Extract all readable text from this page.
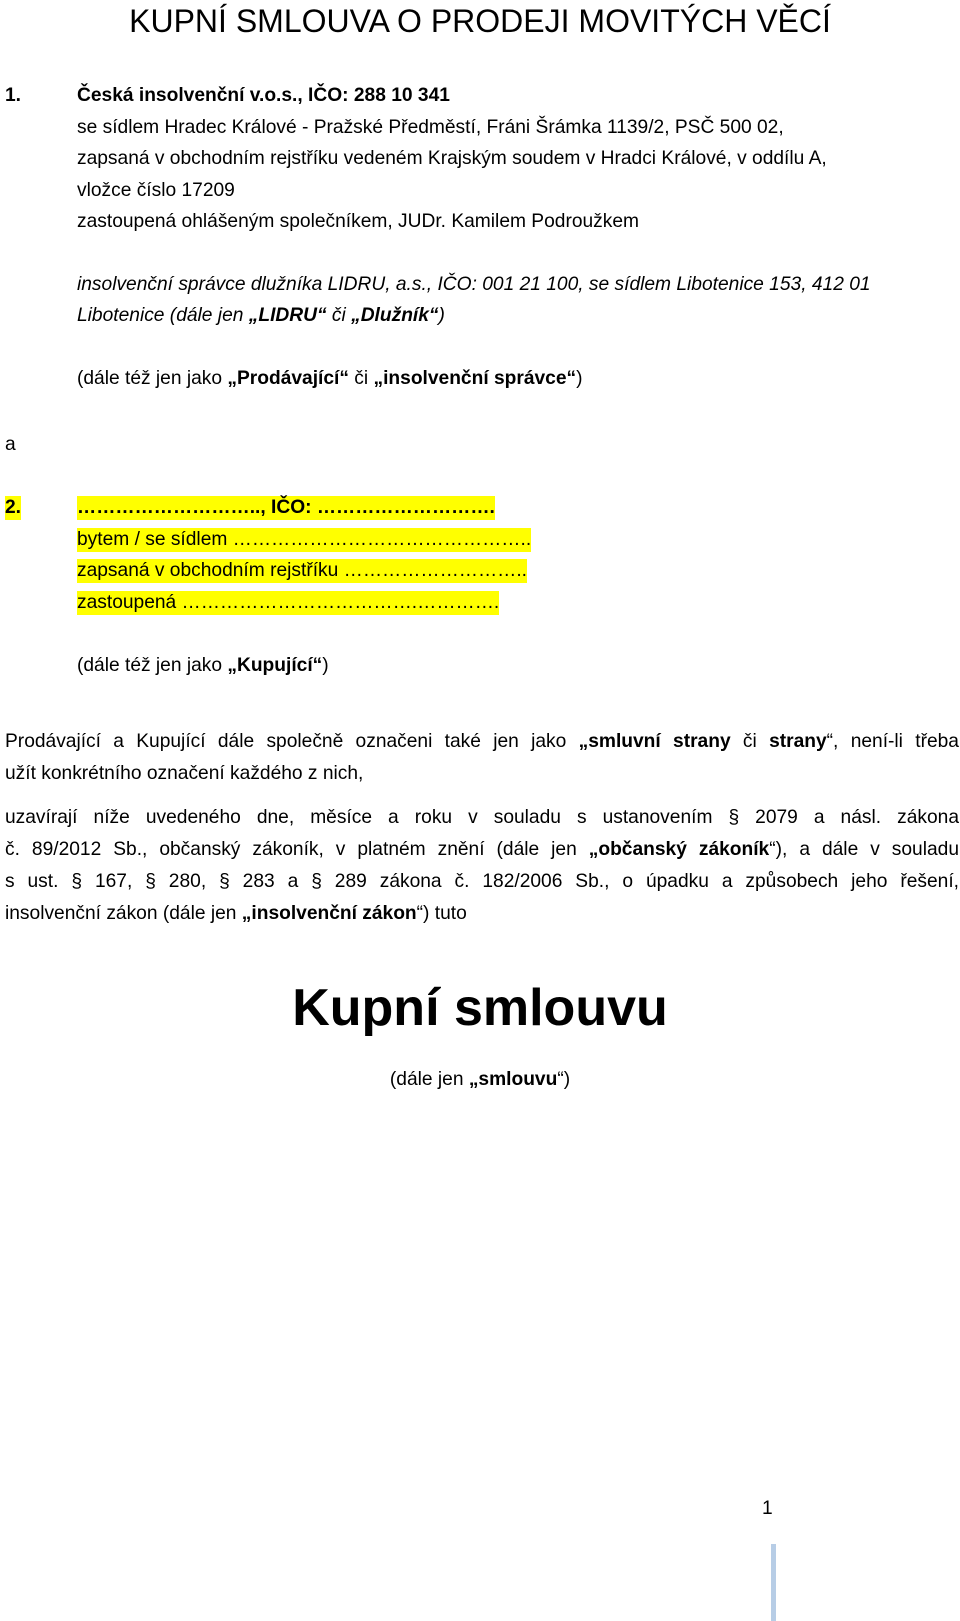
KUPNÍ SMLOUVA O PRODEJI MOVITÝCH VĚCÍ
1.	Česká insolvenční v.o.s., IČO: 288 10 341
se sídlem Hradec Králové - Pražské Předměstí, Fráni Šrámka 1139/2, PSČ 500 02,
zapsaná v obchodním rejstříku vedeném Krajským soudem v Hradci Králové, v oddílu A,
vložce číslo 17209
zastoupená ohlášeným společníkem, JUDr. Kamilem Podroužkem
insolvenční správce dlužníka LIDRU, a.s., IČO: 001 21 100, se sídlem Libotenice 153, 412 01
Libotenice (dále jen „LIDRU“ či „Dlužník“)
(dále též jen jako „Prodávající“ či „insolvenční správce“)
a
2.	……………………….., IČO: ……………………….
bytem / se sídlem ………………………………………..
zapsaná v obchodním rejstříku ………………………..
zastoupená ……………………………….………….
(dále též jen jako „Kupující“)
Prodávající a Kupující dále společně označeni také jen jako „smluvní strany či strany“, není-li třeba
užít konkrétního označení každého z nich,
uzavírají níže uvedeného dne, měsíce a roku v souladu s ustanovením § 2079 a násl. zákona
č. 89/2012 Sb., občanský zákoník, v platném znění (dále jen „občanský zákoník“), a dále v souladu
s ust. § 167, § 280, § 283 a § 289 zákona č. 182/2006 Sb., o úpadku a způsobech jeho řešení,
insolvenční zákon (dále jen „insolvenční zákon“) tuto
Kupní smlouvu
(dále jen „smlouvu“)
1
